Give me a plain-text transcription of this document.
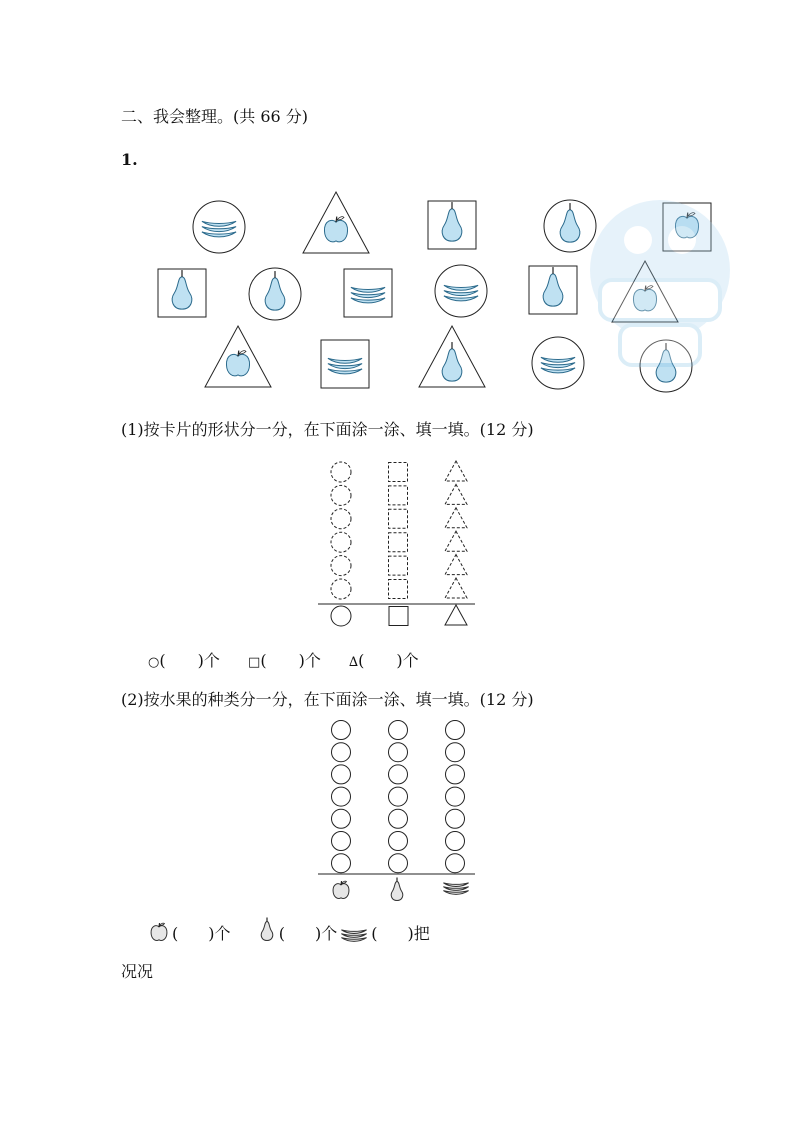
二、我会整理。(共 66 分)
1.
(1)按卡片的形状分一分，在下面涂一涂、填一填。(12 分)
○( )个 □( )个 ∆( )个
(2)按水果的种类分一分，在下面涂一涂、填一填。(12 分)
( )个	( )个 ( )把
况况
